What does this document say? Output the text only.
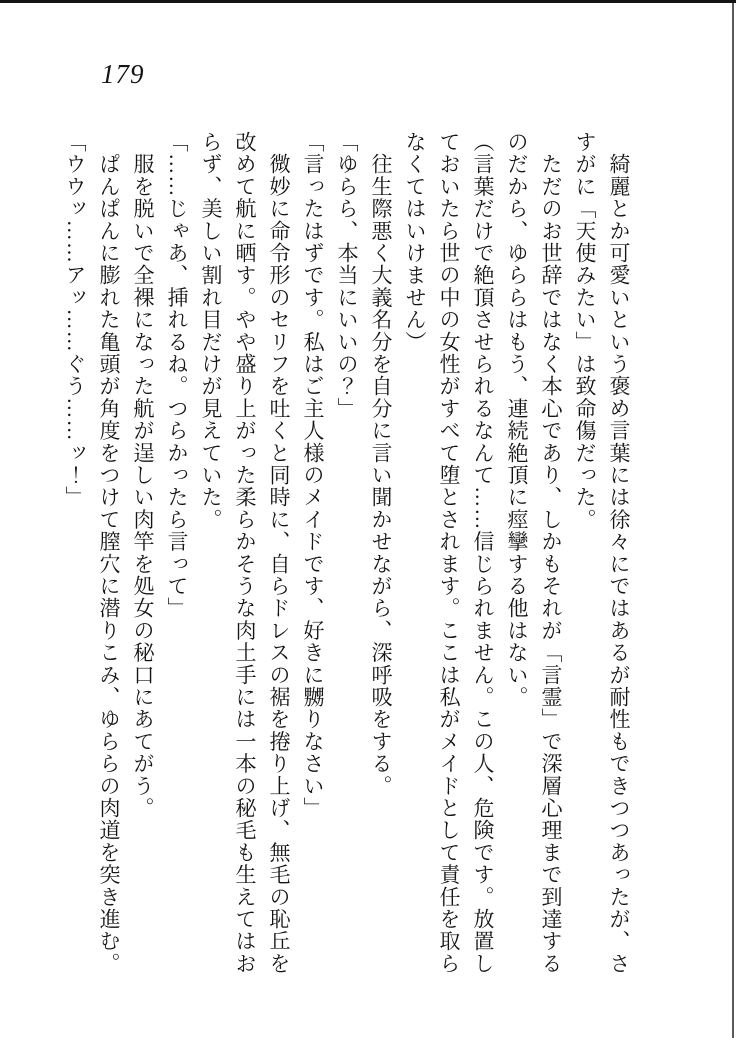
179

　綺麗とか可愛いという褒め言葉には徐々にではあるが耐性もできつつあったが、さすがに「天使みたい」は致命傷だった。

　ただのお世辞ではなく本心であり、しかもそれが「言霊」で深層心理まで到達するのだから、ゆららはもう、連続絶頂に痙攣する他はない。

（言葉だけで絶頂させられるなんて……信じられません。この人、危険です。放置しておいたら世の中の女性がすべて堕とされます。ここは私がメイドとして責任を取らなくてはいけません）

　往生際悪く大義名分を自分に言い聞かせながら、深呼吸をする。

「ゆらら、本当にいいの？」

「言ったはずです。私はご主人様のメイドです、好きに嬲りなさい」

　微妙に命令形のセリフを吐くと同時に、自らドレスの裾を捲り上げ、無毛の恥丘を改めて航に晒す。やや盛り上がった柔らかそうな肉土手には一本の秘毛も生えてはおらず、美しい割れ目だけが見えていた。

「……じゃあ、挿れるね。つらかったら言って」

　服を脱いで全裸になった航が逞しい肉竿を処女の秘口にあてがう。

　ぱんぱんに膨れた亀頭が角度をつけて膣穴に潜りこみ、ゆららの肉道を突き進む。

「ウウッ……アッ……ぐう……ッ！」
